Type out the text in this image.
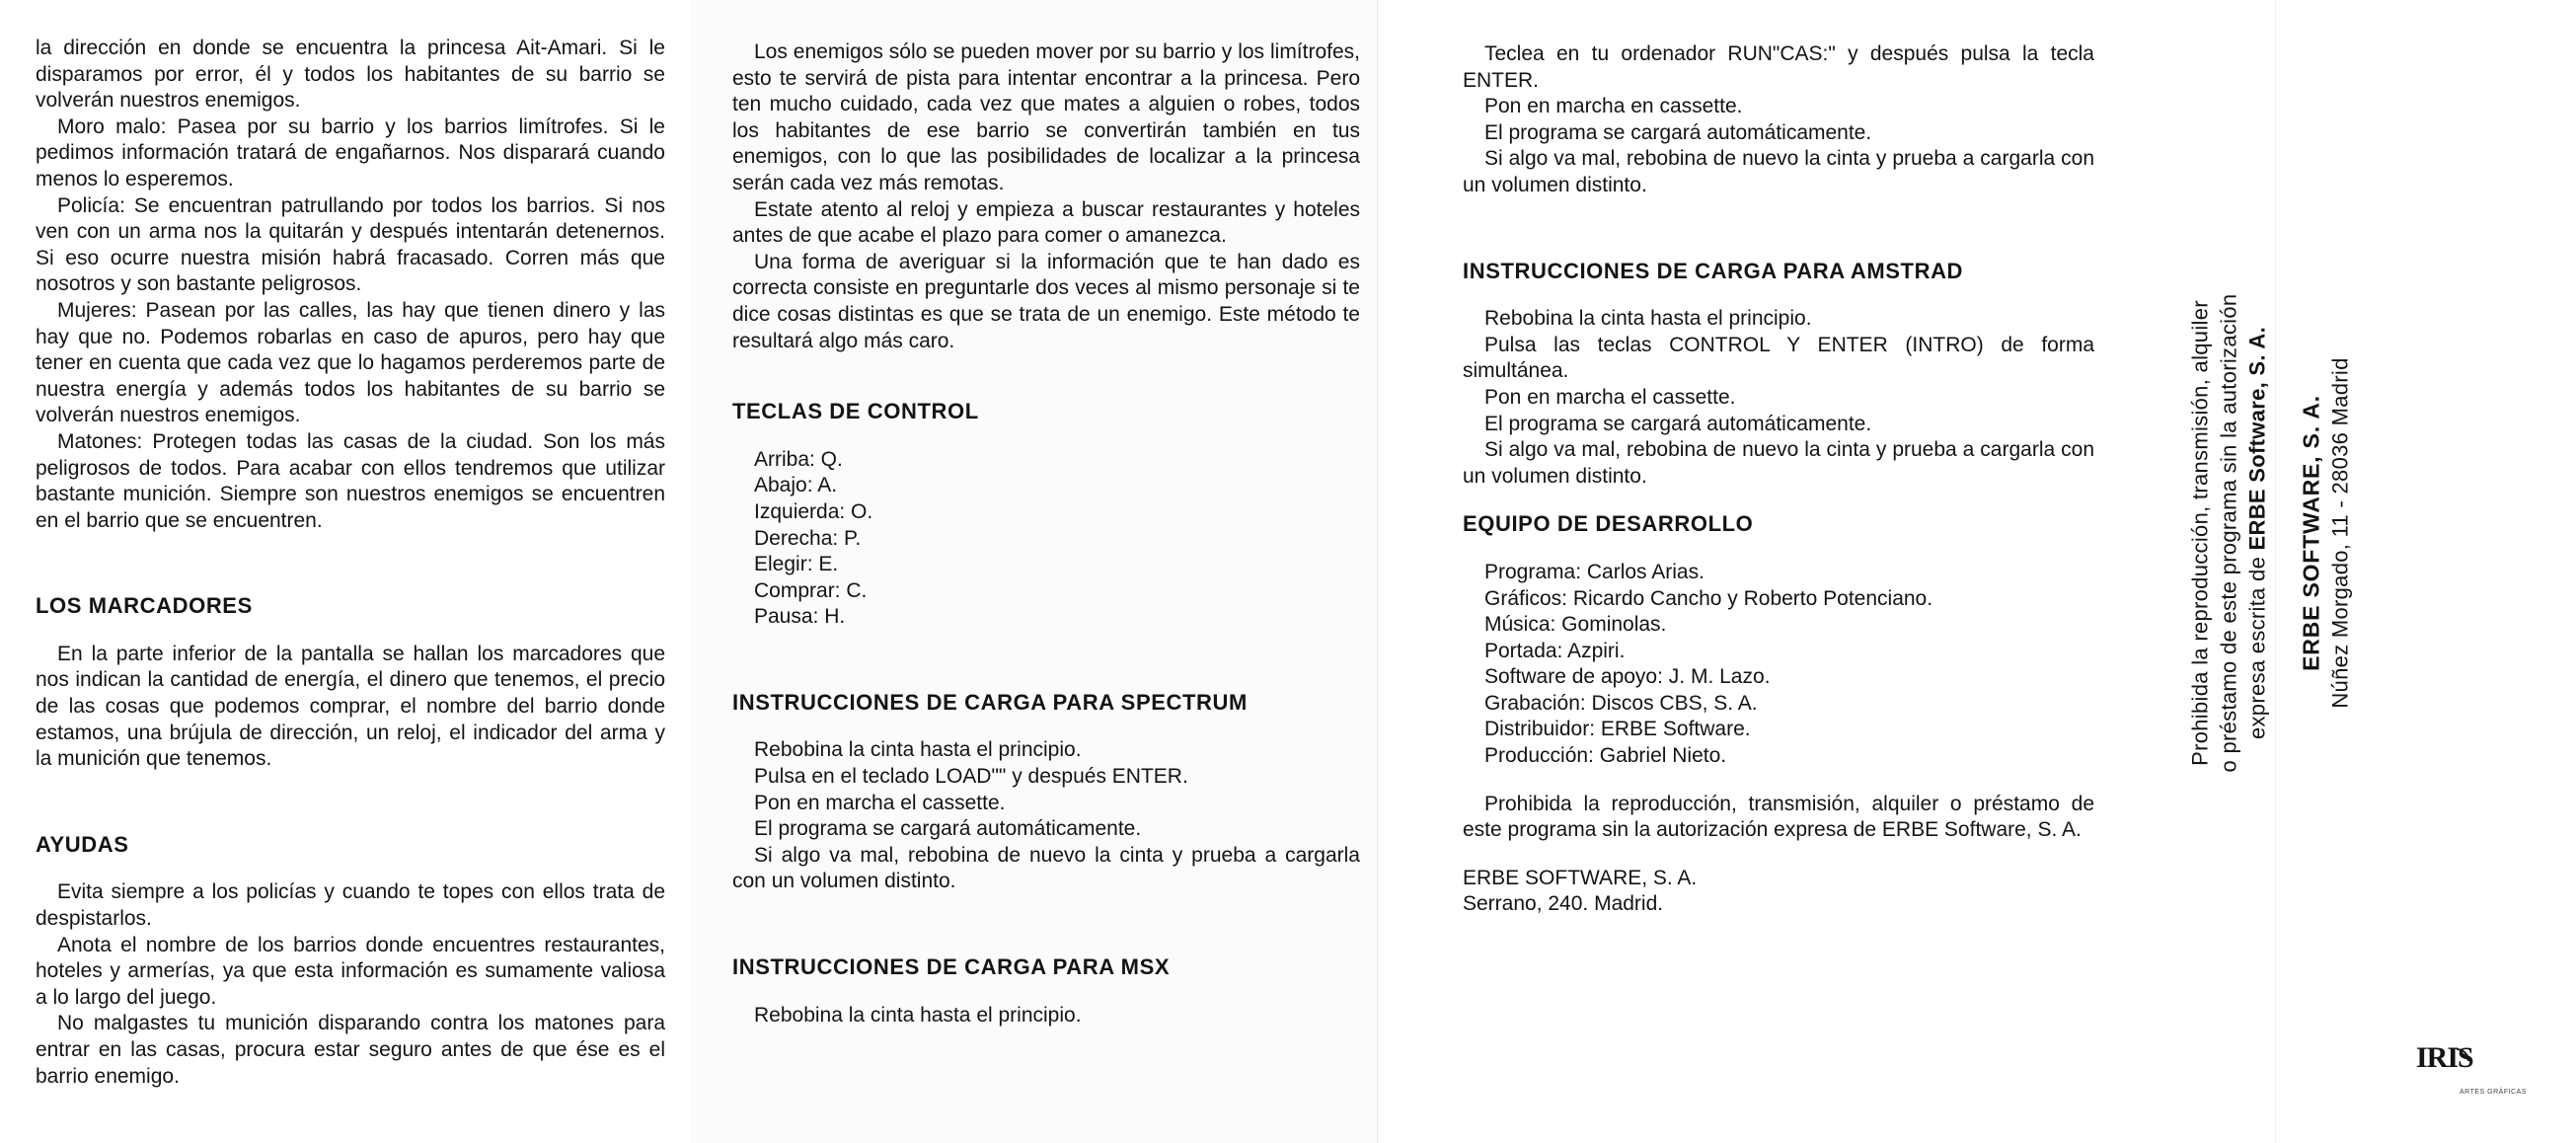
la dirección en donde se encuentra la princesa Ait-Amari. Si le disparamos por error, él y todos los habitantes de su barrio se volverán nuestros enemigos.

Moro malo: Pasea por su barrio y los barrios limítrofes. Si le pedimos información tratará de engañarnos. Nos disparará cuando menos lo esperemos.

Policía: Se encuentran patrullando por todos los barrios. Si nos ven con un arma nos la quitarán y después intentarán detenernos. Si eso ocurre nuestra misión habrá fracasado. Corren más que nosotros y son bastante peligrosos.

Mujeres: Pasean por las calles, las hay que tienen dinero y las hay que no. Podemos robarlas en caso de apuros, pero hay que tener en cuenta que cada vez que lo hagamos perderemos parte de nuestra energía y además todos los habitantes de su barrio se volverán nuestros enemigos.

Matones: Protegen todas las casas de la ciudad. Son los más peligrosos de todos. Para acabar con ellos tendremos que utilizar bastante munición. Siempre son nuestros enemigos se encuentren en el barrio que se encuentren.

LOS MARCADORES

En la parte inferior de la pantalla se hallan los marcadores que nos indican la cantidad de energía, el dinero que tenemos, el precio de las cosas que podemos comprar, el nombre del barrio donde estamos, una brújula de dirección, un reloj, el indicador del arma y la munición que tenemos.

AYUDAS

Evita siempre a los policías y cuando te topes con ellos trata de despistarlos.

Anota el nombre de los barrios donde encuentres restaurantes, hoteles y armerías, ya que esta información es sumamente valiosa a lo largo del juego.

No malgastes tu munición disparando contra los matones para entrar en las casas, procura estar seguro antes de que ése es el barrio enemigo.

Los enemigos sólo se pueden mover por su barrio y los limítrofes, esto te servirá de pista para intentar encontrar a la princesa. Pero ten mucho cuidado, cada vez que mates a alguien o robes, todos los habitantes de ese barrio se convertirán también en tus enemigos, con lo que las posibilidades de localizar a la princesa serán cada vez más remotas.

Estate atento al reloj y empieza a buscar restaurantes y hoteles antes de que acabe el plazo para comer o amanezca.

Una forma de averiguar si la información que te han dado es correcta consiste en preguntarle dos veces al mismo personaje si te dice cosas distintas es que se trata de un enemigo. Este método te resultará algo más caro.

TECLAS DE CONTROL

Arriba: Q.

Abajo: A.

Izquierda: O.

Derecha: P.

Elegir: E.

Comprar: C.

Pausa: H.

INSTRUCCIONES DE CARGA PARA SPECTRUM

Rebobina la cinta hasta el principio.

Pulsa en el teclado LOAD"" y después ENTER.

Pon en marcha el cassette.

El programa se cargará automáticamente.

Si algo va mal, rebobina de nuevo la cinta y prueba a cargarla con un volumen distinto.

INSTRUCCIONES DE CARGA PARA MSX

Rebobina la cinta hasta el principio.

Teclea en tu ordenador RUN"CAS:" y después pulsa la tecla ENTER.

Pon en marcha en cassette.

El programa se cargará automáticamente.

Si algo va mal, rebobina de nuevo la cinta y prueba a cargarla con un volumen distinto.

INSTRUCCIONES DE CARGA PARA AMSTRAD

Rebobina la cinta hasta el principio.

Pulsa las teclas CONTROL Y ENTER (INTRO) de forma simultánea.

Pon en marcha el cassette.

El programa se cargará automáticamente.

Si algo va mal, rebobina de nuevo la cinta y prueba a cargarla con un volumen distinto.

EQUIPO DE DESARROLLO

Programa: Carlos Arias.

Gráficos: Ricardo Cancho y Roberto Potenciano.

Música: Gominolas.

Portada: Azpiri.

Software de apoyo: J. M. Lazo.

Grabación: Discos CBS, S. A.

Distribuidor: ERBE Software.

Producción: Gabriel Nieto.

Prohibida la reproducción, transmisión, alquiler o préstamo de este programa sin la autorización expresa de ERBE Software, S. A.

ERBE SOFTWARE, S. A.

Serrano, 240. Madrid.

Prohibida la reproducción, transmisión, alquiler o préstamo de este programa sin la autorización expresa escrita de ERBE Software, S. A. ERBE SOFTWARE, S. A. Núñez Morgado, 11 - 28036 Madrid
IRIS
ARTES GRÁFICAS
